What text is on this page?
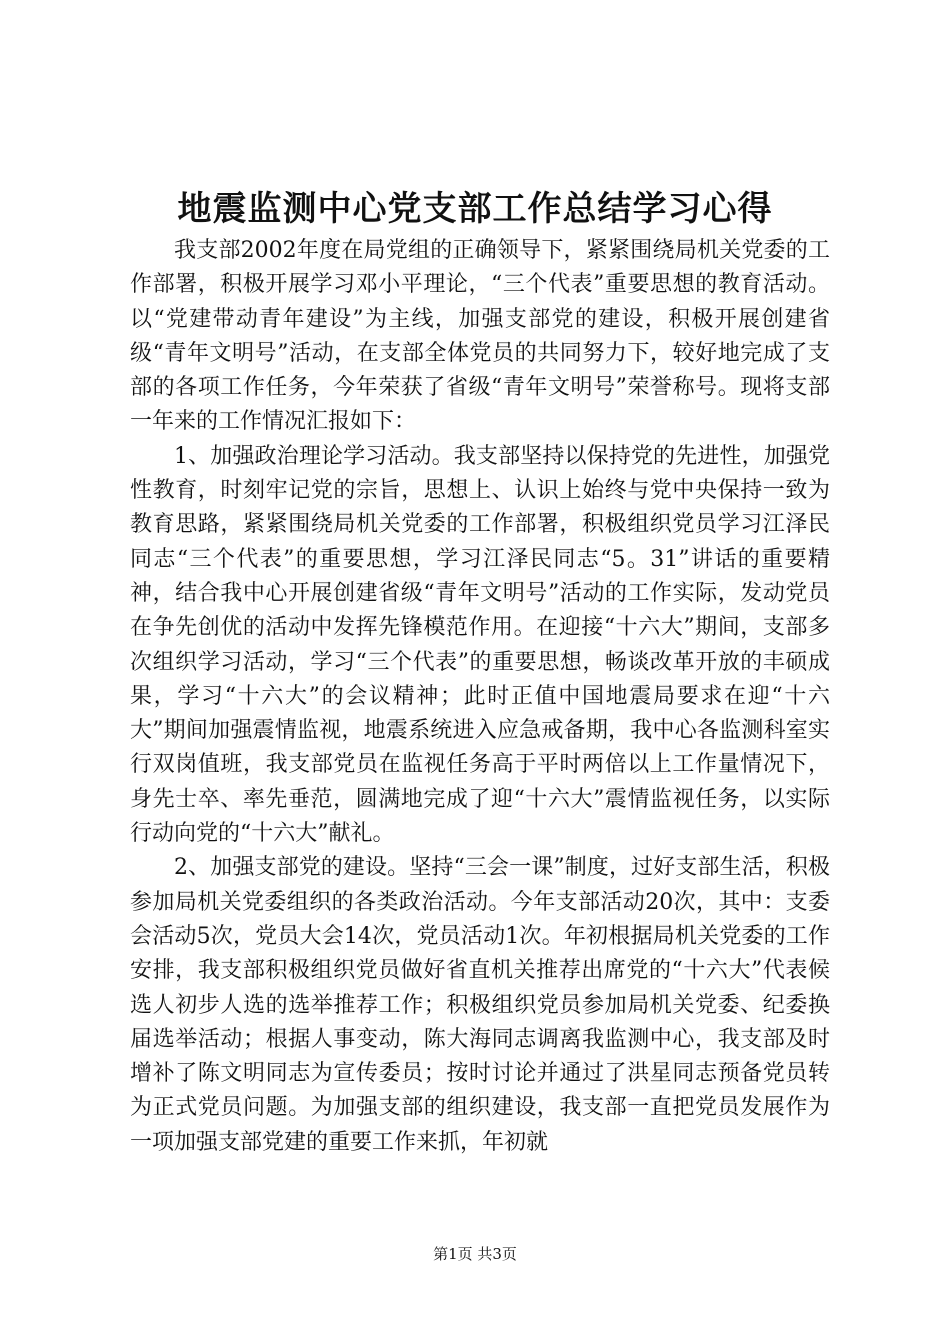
地震监测中心党支部工作总结学习心得

我支部2002年度在局党组的正确领导下，紧紧围绕局机关党委的工作部署，积极开展学习邓小平理论，“三个代表”重要思想的教育活动。以“党建带动青年建设”为主线，加强支部党的建设，积极开展创建省级“青年文明号”活动，在支部全体党员的共同努力下，较好地完成了支部的各项工作任务，今年荣获了省级“青年文明号”荣誉称号。现将支部一年来的工作情况汇报如下：

1、加强政治理论学习活动。我支部坚持以保持党的先进性，加强党性教育，时刻牢记党的宗旨，思想上、认识上始终与党中央保持一致为教育思路，紧紧围绕局机关党委的工作部署，积极组织党员学习江泽民同志“三个代表”的重要思想，学习江泽民同志“5。31”讲话的重要精神，结合我中心开展创建省级“青年文明号”活动的工作实际，发动党员在争先创优的活动中发挥先锋模范作用。在迎接“十六大”期间，支部多次组织学习活动，学习“三个代表”的重要思想，畅谈改革开放的丰硕成果，学习“十六大”的会议精神；此时正值中国地震局要求在迎“十六大”期间加强震情监视，地震系统进入应急戒备期，我中心各监测科室实行双岗值班，我支部党员在监视任务高于平时两倍以上工作量情况下，身先士卒、率先垂范，圆满地完成了迎“十六大”震情监视任务，以实际行动向党的“十六大”献礼。

2、加强支部党的建设。坚持“三会一课”制度，过好支部生活，积极参加局机关党委组织的各类政治活动。今年支部活动20次，其中：支委会活动5次，党员大会14次，党员活动1次。年初根据局机关党委的工作安排，我支部积极组织党员做好省直机关推荐出席党的“十六大”代表候选人初步人选的选举推荐工作；积极组织党员参加局机关党委、纪委换届选举活动；根据人事变动，陈大海同志调离我监测中心，我支部及时增补了陈文明同志为宣传委员；按时讨论并通过了洪星同志预备党员转为正式党员问题。为加强支部的组织建设，我支部一直把党员发展作为一项加强支部党建的重要工作来抓，年初就

第1页 共3页
